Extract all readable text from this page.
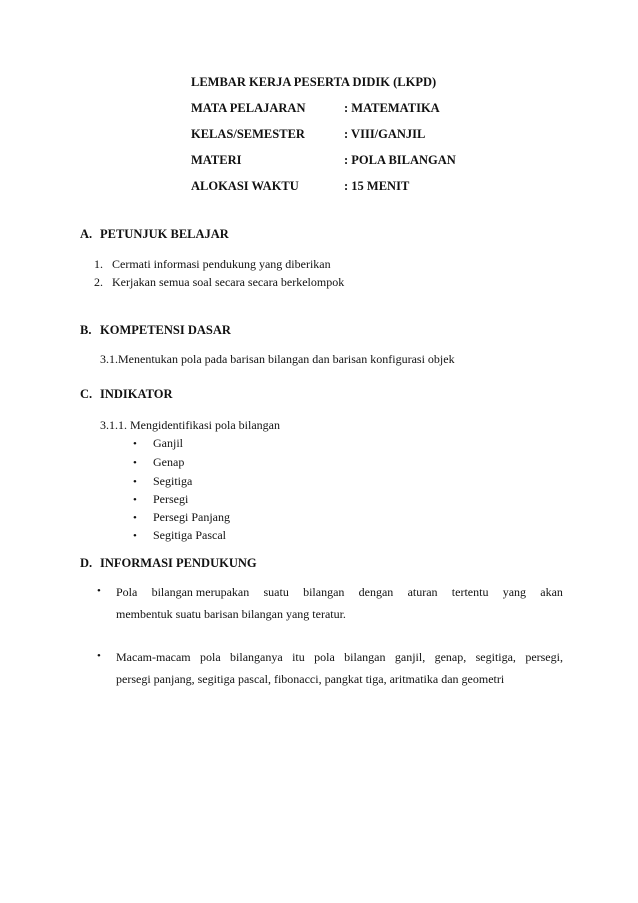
LEMBAR KERJA PESERTA DIDIK (LKPD)
MATA PELAJARAN	: MATEMATIKA
KELAS/SEMESTER	: VIII/GANJIL
MATERI	: POLA BILANGAN
ALOKASI WAKTU	: 15 MENIT
A. PETUNJUK BELAJAR
1. Cermati informasi pendukung yang diberikan
2. Kerjakan semua soal secara secara berkelompok
B. KOMPETENSI DASAR
3.1.Menentukan pola pada barisan bilangan dan barisan konfigurasi objek
C. INDIKATOR
3.1.1. Mengidentifikasi pola bilangan
• Ganjil
• Genap
• Segitiga
• Persegi
• Persegi Panjang
• Segitiga Pascal
D. INFORMASI PENDUKUNG
• Pola bilangan merupakan suatu bilangan dengan aturan tertentu yang akan
membentuk suatu barisan bilangan yang teratur.
• Macam-macam pola bilanganya itu pola bilangan ganjil, genap, segitiga, persegi,
persegi panjang, segitiga pascal, fibonacci, pangkat tiga, aritmatika dan geometri
